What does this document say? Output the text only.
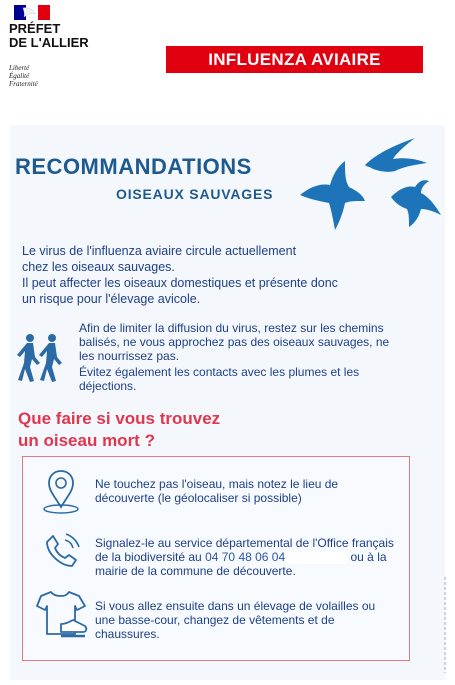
PRÉFET
DE L'ALLIER
Liberté
Égalité
Fraternité
INFLUENZA AVIAIRE
RECOMMANDATIONS
OISEAUX SAUVAGES

Le virus de l'influenza aviaire circule actuellement

chez les oiseaux sauvages.

Il peut affecter les oiseaux domestiques et présente donc

un risque pour l'élevage avicole.

Afin de limiter la diffusion du virus, restez sur les chemins balisés, ne vous approchez pas des oiseaux sauvages, ne les nourrissez pas.

Évitez également les contacts avec les plumes et les déjections.

Que faire si vous trouvez
un oiseau mort ?

Ne touchez pas l'oiseau, mais notez le lieu de découverte (le géolocaliser si possible)

Signalez-le au service départemental de l'Office français de la biodiversité au 04 70 48 06 04	ou à la mairie de la commune de découverte.

Si vous allez ensuite dans un élevage de volailles ou une basse-cour, changez de vêtements et de chaussures.
